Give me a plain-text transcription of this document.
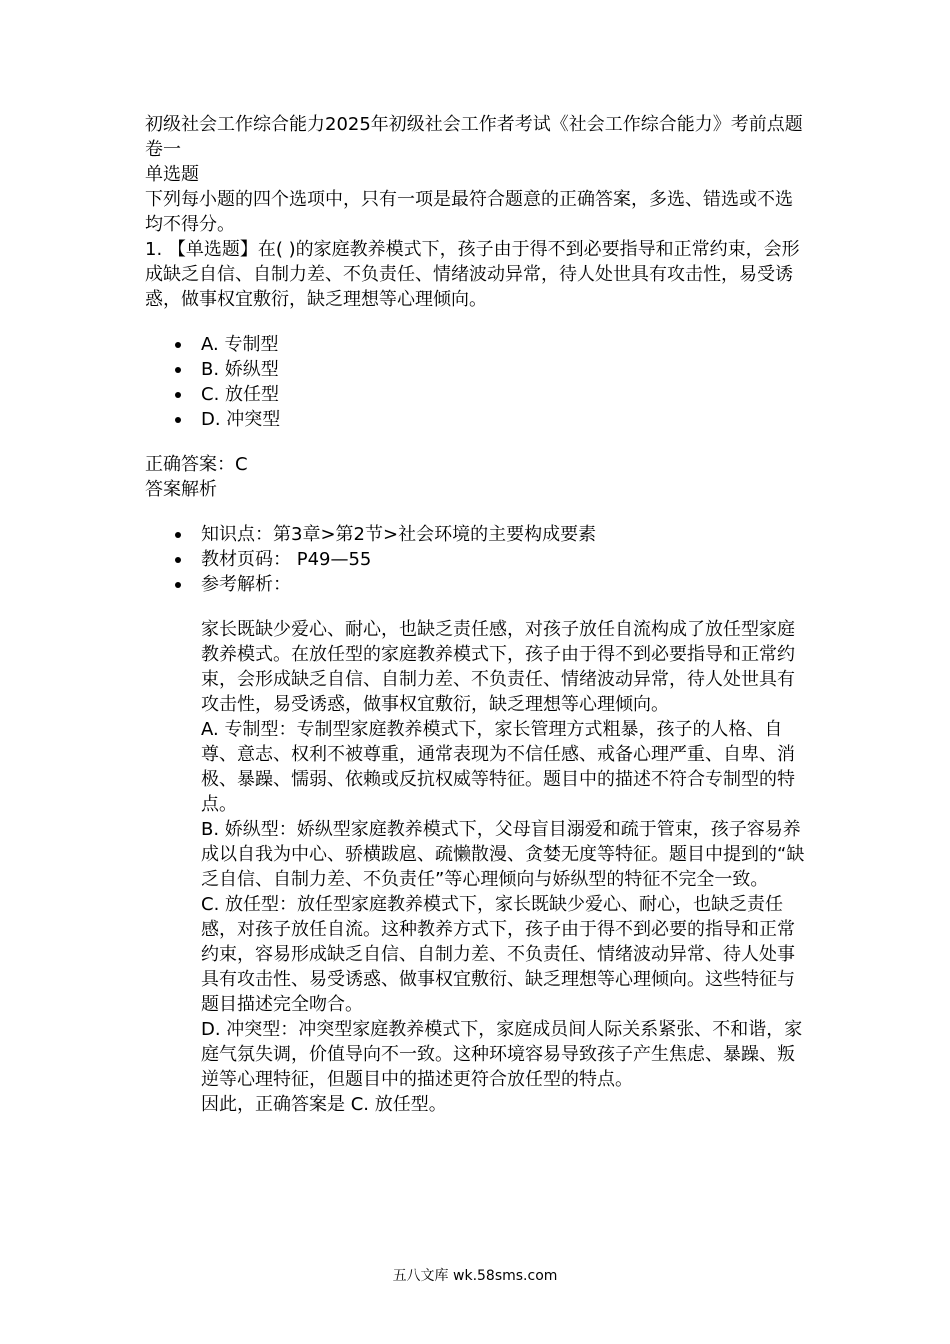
初级社会工作综合能力2025年初级社会工作者考试《社会工作综合能力》考前点题卷一

单选题

下列每小题的四个选项中，只有一项是最符合题意的正确答案，多选、错选或不选均不得分。

1. 【单选题】在( )的家庭教养模式下，孩子由于得不到必要指导和正常约束，会形成缺乏自信、自制力差、不负责任、情绪波动异常，待人处世具有攻击性，易受诱惑，做事权宜敷衍，缺乏理想等心理倾向。

A. 专制型
B. 娇纵型
C. 放任型
D. 冲突型

正确答案：C

答案解析

知识点：第3章>第2节>社会环境的主要构成要素
教材页码： P49—55
参考解析：

家长既缺少爱心、耐心，也缺乏责任感，对孩子放任自流构成了放任型家庭教养模式。在放任型的家庭教养模式下，孩子由于得不到必要指导和正常约束，会形成缺乏自信、自制力差、不负责任、情绪波动异常，待人处世具有攻击性，易受诱惑，做事权宜敷衍，缺乏理想等心理倾向。

A. 专制型：专制型家庭教养模式下，家长管理方式粗暴，孩子的人格、自尊、意志、权利不被尊重，通常表现为不信任感、戒备心理严重、自卑、消极、暴躁、懦弱、依赖或反抗权威等特征。题目中的描述不符合专制型的特点。

B. 娇纵型：娇纵型家庭教养模式下，父母盲目溺爱和疏于管束，孩子容易养成以自我为中心、骄横跋扈、疏懒散漫、贪婪无度等特征。题目中提到的“缺乏自信、自制力差、不负责任”等心理倾向与娇纵型的特征不完全一致。

C. 放任型：放任型家庭教养模式下，家长既缺少爱心、耐心，也缺乏责任感，对孩子放任自流。这种教养方式下，孩子由于得不到必要的指导和正常约束，容易形成缺乏自信、自制力差、不负责任、情绪波动异常、待人处事具有攻击性、易受诱惑、做事权宜敷衍、缺乏理想等心理倾向。这些特征与题目描述完全吻合。

D. 冲突型：冲突型家庭教养模式下，家庭成员间人际关系紧张、不和谐，家庭气氛失调，价值导向不一致。这种环境容易导致孩子产生焦虑、暴躁、叛逆等心理特征，但题目中的描述更符合放任型的特点。

因此，正确答案是 C. 放任型。

五八文库 wk.58sms.com
